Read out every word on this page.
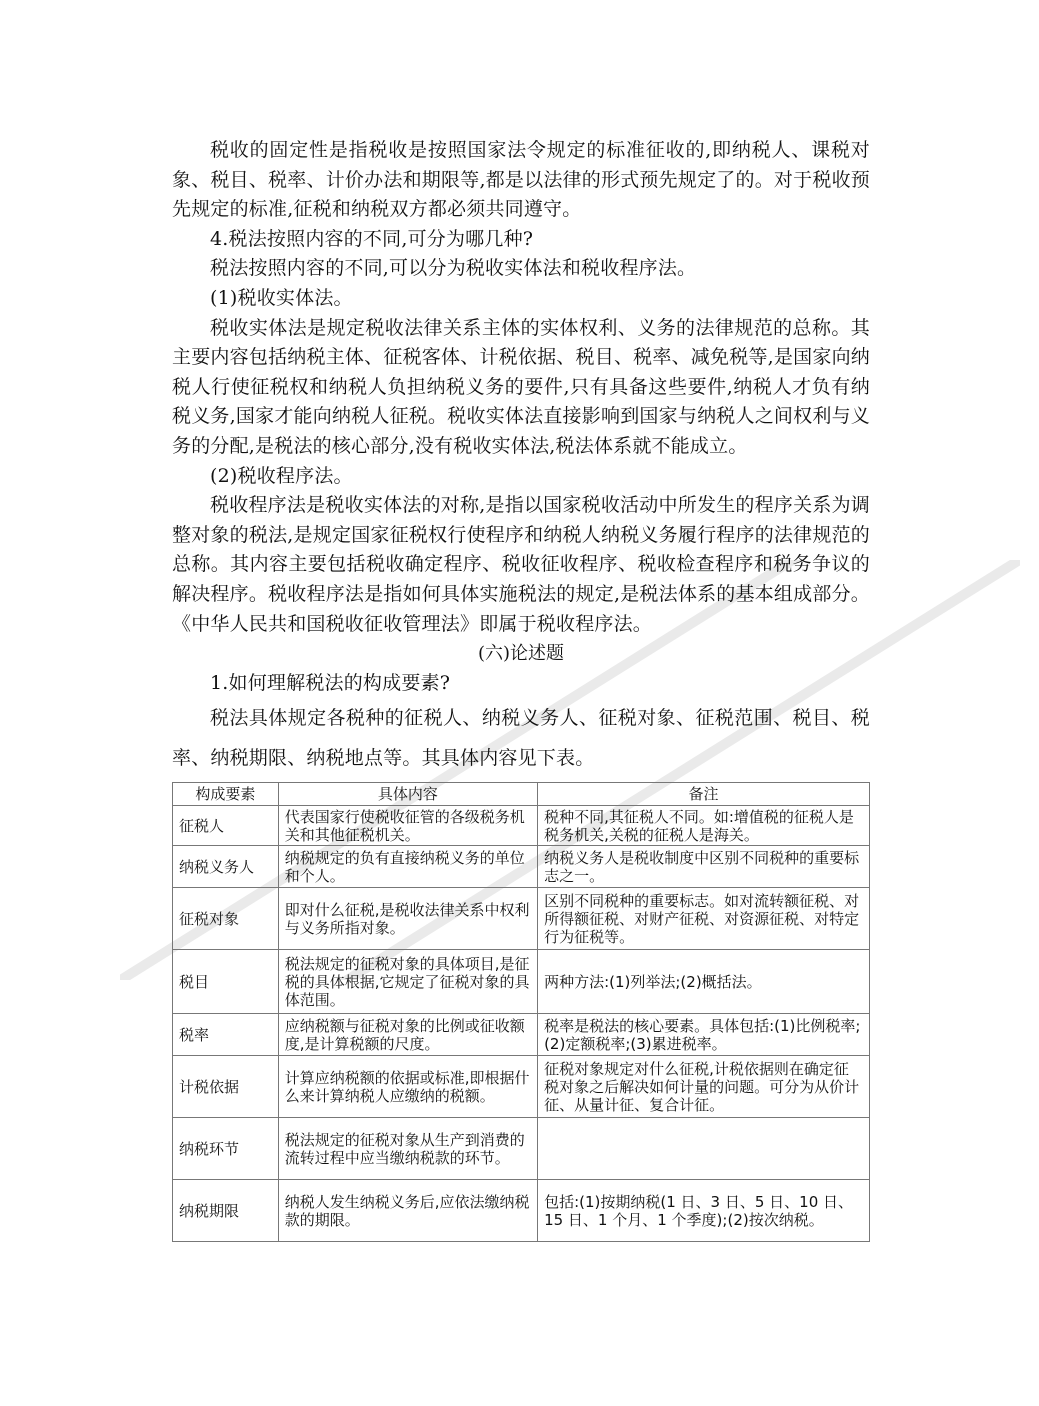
税收的固定性是指税收是按照国家法令规定的标准征收的,即纳税人、课税对象、税目、税率、计价办法和期限等,都是以法律的形式预先规定了的。对于税收预先规定的标准,征税和纳税双方都必须共同遵守。

4.税法按照内容的不同,可分为哪几种?

税法按照内容的不同,可以分为税收实体法和税收程序法。

(1)税收实体法。

税收实体法是规定税收法律关系主体的实体权利、义务的法律规范的总称。其主要内容包括纳税主体、征税客体、计税依据、税目、税率、减免税等,是国家向纳税人行使征税权和纳税人负担纳税义务的要件,只有具备这些要件,纳税人才负有纳税义务,国家才能向纳税人征税。税收实体法直接影响到国家与纳税人之间权利与义务的分配,是税法的核心部分,没有税收实体法,税法体系就不能成立。

(2)税收程序法。

税收程序法是税收实体法的对称,是指以国家税收活动中所发生的程序关系为调整对象的税法,是规定国家征税权行使程序和纳税人纳税义务履行程序的法律规范的总称。其内容主要包括税收确定程序、税收征收程序、税收检查程序和税务争议的解决程序。税收程序法是指如何具体实施税法的规定,是税法体系的基本组成部分。《中华人民共和国税收征收管理法》即属于税收程序法。

(六)论述题

1.如何理解税法的构成要素?

税法具体规定各税种的征税人、纳税义务人、征税对象、征税范围、税目、税率、纳税期限、纳税地点等。其具体内容见下表。

构成要素	具体内容	备注
征税人	代表国家行使税收征管的各级税务机关和其他征税机关。	税种不同,其征税人不同。如:增值税的征税人是税务机关,关税的征税人是海关。
纳税义务人	纳税规定的负有直接纳税义务的单位和个人。	纳税义务人是税收制度中区别不同税种的重要标志之一。
征税对象	即对什么征税,是税收法律关系中权利与义务所指对象。	区别不同税种的重要标志。如对流转额征税、对所得额征税、对财产征税、对资源征税、对特定行为征税等。
税目	税法规定的征税对象的具体项目,是征税的具体根据,它规定了征税对象的具体范围。	两种方法:(1)列举法;(2)概括法。
税率	应纳税额与征税对象的比例或征收额度,是计算税额的尺度。	税率是税法的核心要素。具体包括:(1)比例税率;(2)定额税率;(3)累进税率。
计税依据	计算应纳税额的依据或标准,即根据什么来计算纳税人应缴纳的税额。	征税对象规定对什么征税,计税依据则在确定征税对象之后解决如何计量的问题。可分为从价计征、从量计征、复合计征。
纳税环节	税法规定的征税对象从生产到消费的流转过程中应当缴纳税款的环节。	
纳税期限	纳税人发生纳税义务后,应依法缴纳税款的期限。	包括:(1)按期纳税(1 日、3 日、5 日、10 日、15 日、1 个月、1 个季度);(2)按次纳税。
